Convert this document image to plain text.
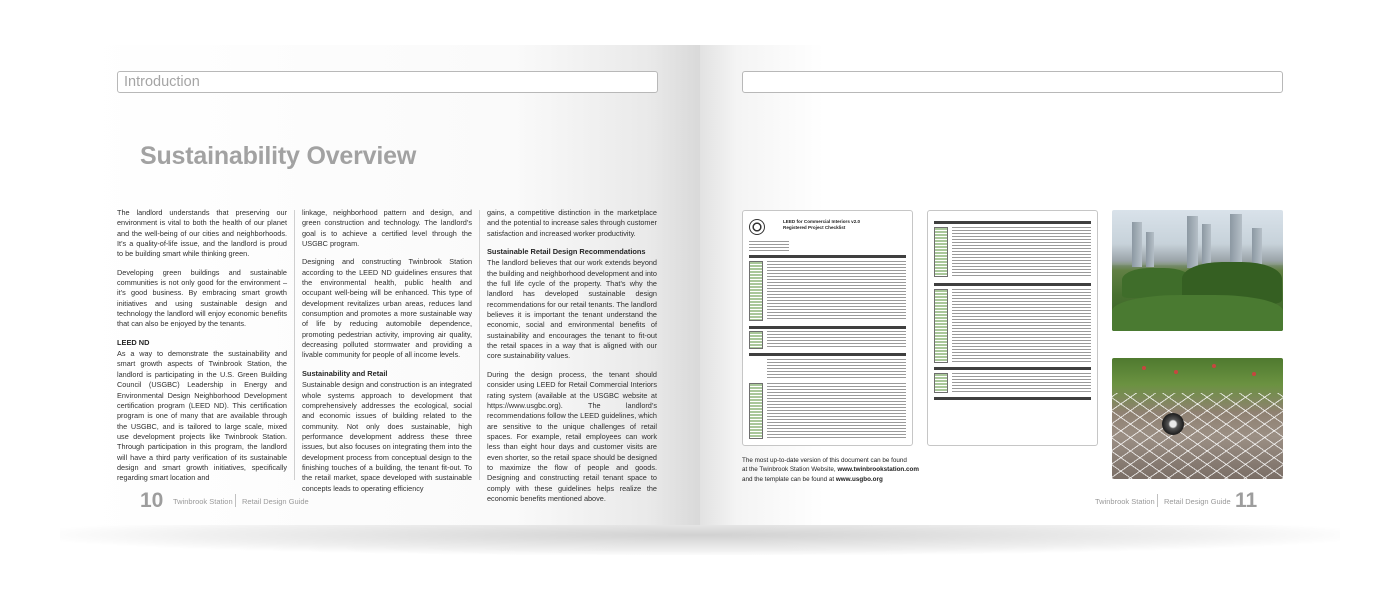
Introduction
Sustainability Overview

The landlord understands that preserving our environment is vital to both the health of our planet and the well-being of our cities and neighborhoods. It’s a quality-of-life issue, and the landlord is proud to be building smart while thinking green.

Developing green buildings and sustainable communities is not only good for the environment – it’s good business. By embracing smart growth initiatives and using sustainable design and technology the landlord will enjoy economic benefits that can also be enjoyed by the tenants.

LEED ND

As a way to demonstrate the sustainability and smart growth aspects of Twinbrook Station, the landlord is participating in the U.S. Green Building Council (USGBC) Leadership in Energy and Environmental Design Neighborhood Development certification program (LEED ND). This certification program is one of many that are available through the USGBC, and is tailored to large scale, mixed use development projects like Twinbrook Station. Through participation in this program, the landlord will have a third party verification of its sustainable design and smart growth initiatives, specifically regarding smart location and

linkage, neighborhood pattern and design, and green construction and technology. The landlord’s goal is to achieve a certified level through the USGBC program.

Designing and constructing Twinbrook Station according to the LEED ND guidelines ensures that the environmental health, public health and occupant well-being will be enhanced. This type of development revitalizes urban areas, reduces land consumption and promotes a more sustainable way of life by reducing automobile dependence, promoting pedestrian activity, improving air quality, decreasing polluted stormwater and providing a livable community for people of all income levels.

Sustainability and Retail

Sustainable design and construction is an integrated whole systems approach to development that comprehensively addresses the ecological, social and economic issues of building related to the community. Not only does sustainable, high performance development address these three issues, but also focuses on integrating them into the development process from conceptual design to the finishing touches of a building, the tenant fit-out. To the retail market, space developed with sustainable concepts leads to operating efficiency

gains, a competitive distinction in the marketplace and the potential to increase sales through customer satisfaction and increased worker productivity.

Sustainable Retail Design Recommendations

The landlord believes that our work extends beyond the building and neighborhood development and into the full life cycle of the property. That’s why the landlord has developed sustainable design recommendations for our retail tenants. The landlord believes it is important the tenant understand the economic, social and environmental benefits of sustainability and encourages the tenant to fit-out the retail spaces in a way that is aligned with our core sustainability values.

During the design process, the tenant should consider using LEED for Retail Commercial Interiors rating system (available at the USGBC website at https://www.usgbc.org). The landlord’s recommendations follow the LEED guidelines, which are sensitive to the unique challenges of retail spaces. For example, retail employees can work less than eight hour days and customer visits are even shorter, so the retail space should be designed to maximize the flow of people and goods. Designing and constructing retail tenant space to comply with these guidelines helps realize the economic benefits mentioned above.

10 Twinbrook Station Retail Design Guide
LEED for Commercial Interiors v2.0
Registered Project Checklist
The most up-to-date version of this document can be found
at the Twinbrook Station Website, www.twinbrookstation.com
and the template can be found at www.usgbo.org
Twinbrook Station Retail Design Guide 11
